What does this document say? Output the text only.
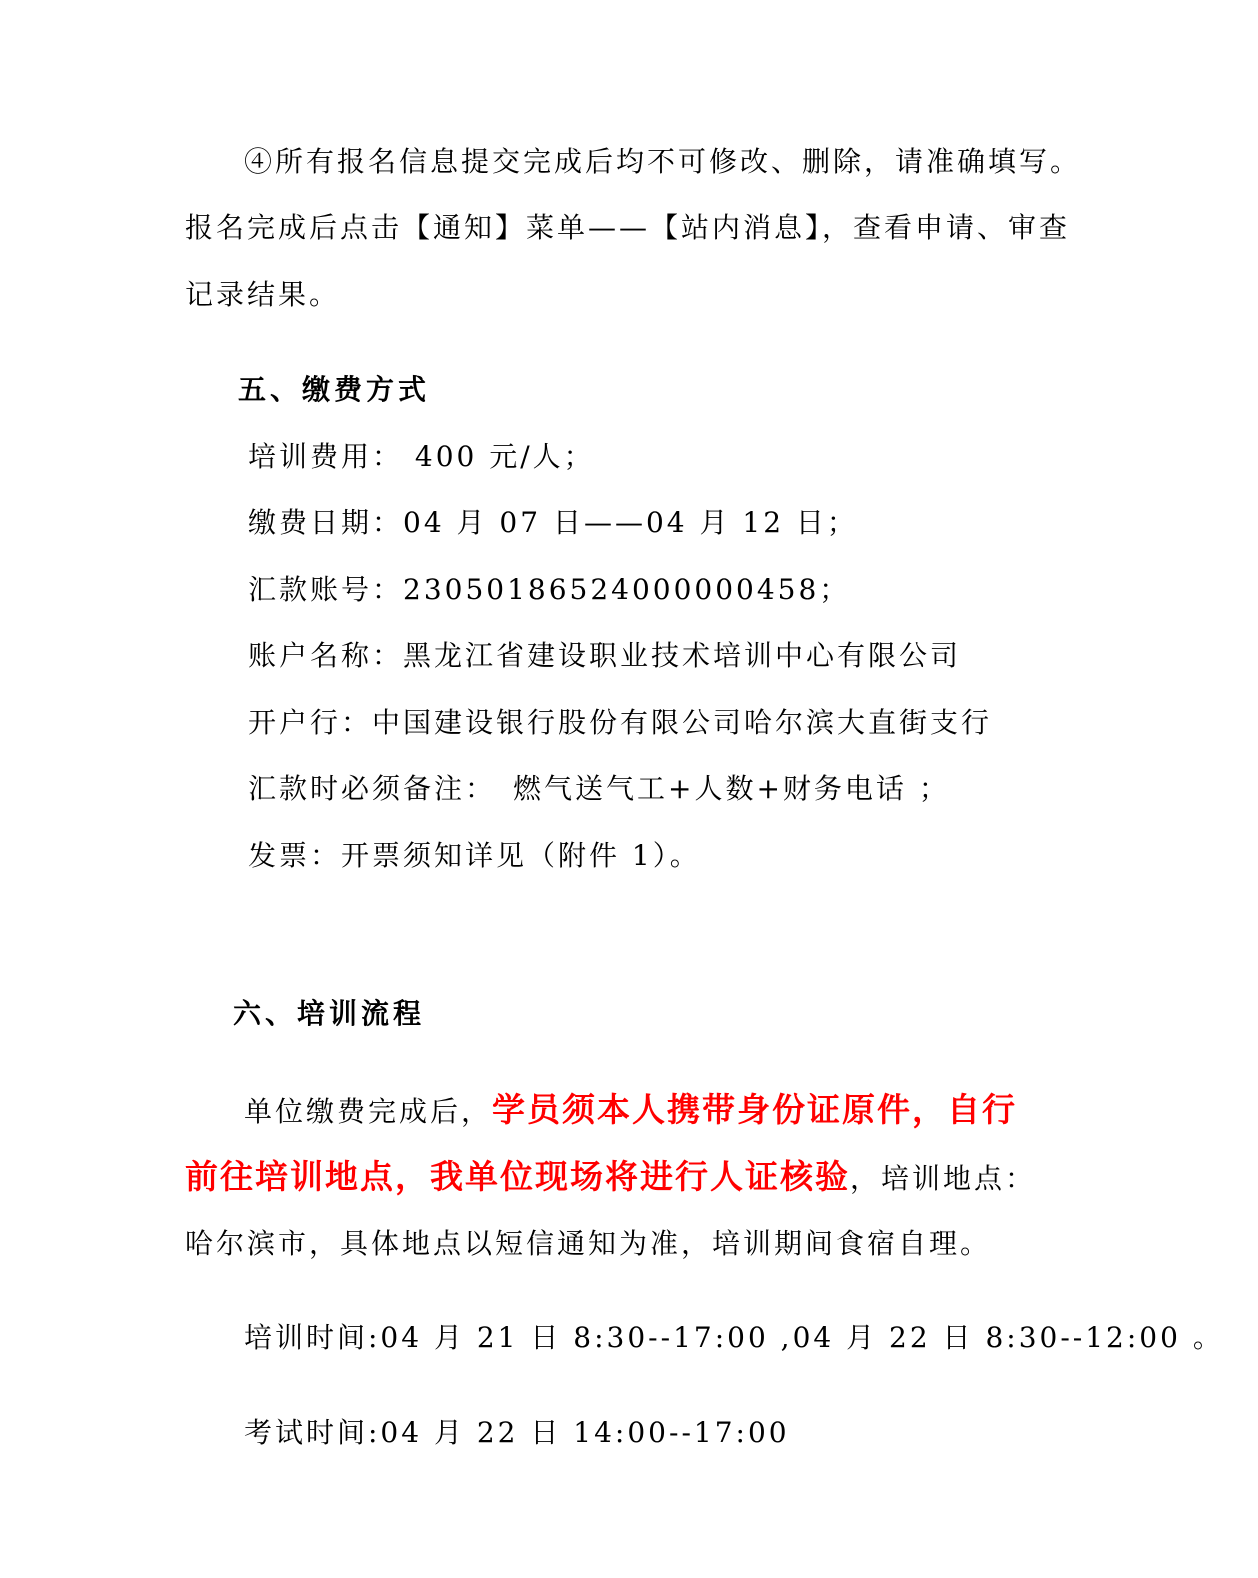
④所有报名信息提交完成后均不可修改、删除，请准确填写。
报名完成后点击【通知】菜单——【站内消息】，查看申请、审查
记录结果。
五、缴费方式
培训费用： 400 元/人；
缴费日期：04 月 07 日——04 月 12 日；
汇款账号：23050186524000000458；
账户名称：黑龙江省建设职业技术培训中心有限公司
开户行：中国建设银行股份有限公司哈尔滨大直街支行
汇款时必须备注：　燃气送气工+人数+财务电话 ；
发票：开票须知详见（附件 1）。
六、培训流程
单位缴费完成后，学员须本人携带身份证原件，自行
前往培训地点，我单位现场将进行人证核验，培训地点：
哈尔滨市，具体地点以短信通知为准，培训期间食宿自理。
培训时间:04 月 21 日 8:30--17:00 ,04 月 22 日 8:30--12:00 。
考试时间:04 月 22 日 14:00--17:00
